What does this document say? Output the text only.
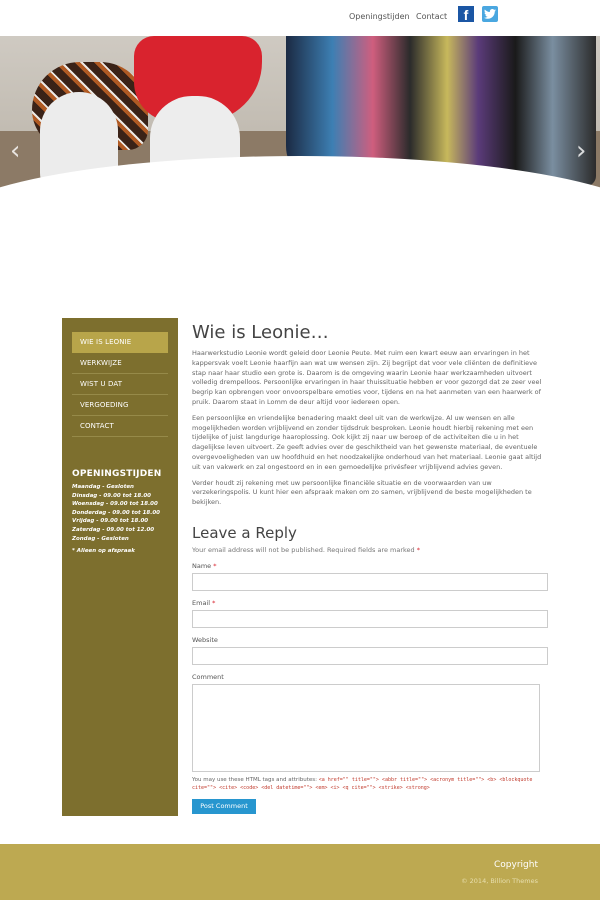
Openingstijden Contact	f
‹	›
WIE IS LEONIE
WERKWIJZE
WIST U DAT
VERGOEDING
CONTACT
OPENINGSTIJDEN
Maandag - Gesloten
Dinsdag - 09.00 tot 18.00
Woensdag - 09.00 tot 18.00
Donderdag - 09.00 tot 18.00
Vrijdag - 09.00 tot 18.00
Zaterdag - 09.00 tot 12.00
Zondag - Gesloten
* Alleen op afspraak
Wie is Leonie…

Haarwerkstudio Leonie wordt geleid door Leonie Peute. Met ruim een kwart eeuw aan ervaringen in het kappersvak voelt Leonie haarfijn aan wat uw wensen zijn. Zij begrijpt dat voor vele cliënten de definitieve stap naar haar studio een grote is. Daarom is de omgeving waarin Leonie haar werkzaamheden uitvoert volledig drempelloos. Persoonlijke ervaringen in haar thuissituatie hebben er voor gezorgd dat ze zeer veel begrip kan opbrengen voor onvoorspelbare emoties voor, tijdens en na het aanmeten van een haarwerk of pruik. Daarom staat in Lomm de deur altijd voor iedereen open.

Een persoonlijke en vriendelijke benadering maakt deel uit van de werkwijze. Al uw wensen en alle mogelijkheden worden vrijblijvend en zonder tijdsdruk besproken. Leonie houdt hierbij rekening met een tijdelijke of juist langdurige haaroplossing. Ook kijkt zij naar uw beroep of de activiteiten die u in het dagelijkse leven uitvoert. Ze geeft advies over de geschiktheid van het gewenste materiaal, de eventuele overgevoeligheden van uw hoofdhuid en het noodzakelijke onderhoud van het materiaal. Leonie gaat altijd uit van vakwerk en zal ongestoord en in een gemoedelijke privésfeer vrijblijvend advies geven.

Verder houdt zij rekening met uw persoonlijke financiële situatie en de voorwaarden van uw verzekeringspolis. U kunt hier een afspraak maken om zo samen, vrijblijvend de beste mogelijkheden te bekijken.

Leave a Reply
Your email address will not be published. Required fields are marked *
Name *
Email *
Website
Comment
You may use these HTML tags and attributes: <a href="" title=""> <abbr title=""> <acronym title=""> <b> <blockquote cite=""> <cite> <code> <del datetime=""> <em> <i> <q cite=""> <strike> <strong>
Post Comment
Copyright
© 2014, Billion Themes
